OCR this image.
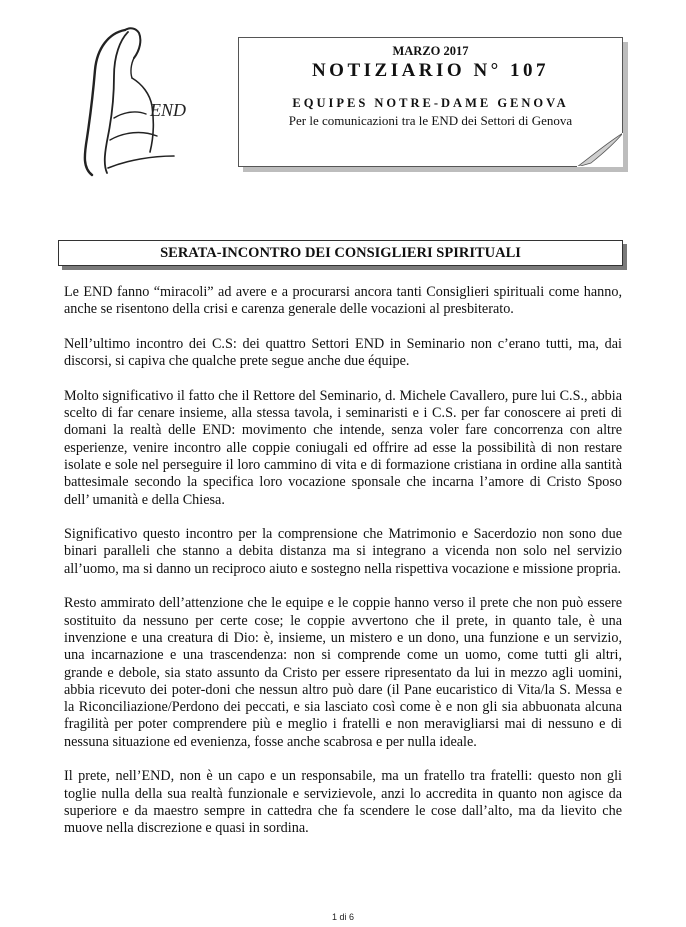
END
MARZO 2017
NOTIZIARIO N° 107
EQUIPES NOTRE-DAME GENOVA
Per le comunicazioni tra le END dei Settori di Genova
SERATA-INCONTRO DEI CONSIGLIERI SPIRITUALI

Le END fanno “miracoli” ad avere e a procurarsi ancora tanti Consiglieri spirituali come hanno, anche se risentono della crisi e carenza generale delle vocazioni al presbiterato.

Nell’ultimo incontro dei C.S: dei quattro Settori END in Seminario non c’erano tutti, ma, dai discorsi, si capiva che qualche prete segue anche due équipe.

Molto significativo il fatto che il Rettore del Seminario, d. Michele Cavallero, pure lui C.S., abbia scelto di far cenare insieme, alla stessa tavola, i seminaristi e i C.S. per far conoscere ai preti di domani la realtà delle END: movimento che intende, senza voler fare concorrenza con altre esperienze, venire incontro alle coppie coniugali ed offrire ad esse la possibilità di non restare isolate e sole nel perseguire il loro cammino di vita e di formazione cristiana in ordine alla santità battesimale secondo la specifica loro vocazione sponsale che incarna l’amore di Cristo Sposo dell’ umanità e della Chiesa.

Significativo questo incontro per la comprensione che Matrimonio e Sacerdozio non sono due binari paralleli che stanno a debita distanza ma si integrano a vicenda non solo nel servizio all’uomo, ma si danno un reciproco aiuto e sostegno nella rispettiva vocazione e missione propria.

Resto ammirato dell’attenzione che le equipe e le coppie hanno verso il prete che non può essere sostituito da nessuno per certe cose; le coppie avvertono che il prete, in quanto tale, è una invenzione e una creatura di Dio: è, insieme, un mistero e un dono, una funzione e un servizio, una incarnazione e una trascendenza: non si comprende come un uomo, come tutti gli altri, grande e debole, sia stato assunto da Cristo per essere ripresentato da lui in mezzo agli uomini, abbia ricevuto dei poter-doni che nessun altro può dare (il Pane eucaristico di Vita/la S. Messa e la Riconciliazione/Perdono dei peccati, e sia lasciato così come è e non gli sia abbuonata alcuna fragilità per poter comprendere più e meglio i fratelli e non meravigliarsi mai di nessuno e di nessuna situazione ed evenienza, fosse anche scabrosa e per nulla ideale.

Il prete, nell’END, non è un capo e un responsabile, ma un fratello tra fratelli: questo non gli toglie nulla della sua realtà funzionale e servizievole, anzi lo accredita in quanto non agisce da superiore e da maestro sempre in cattedra che fa scendere le cose dall’alto, ma da lievito che muove nella discrezione e quasi in sordina.

1 di 6
